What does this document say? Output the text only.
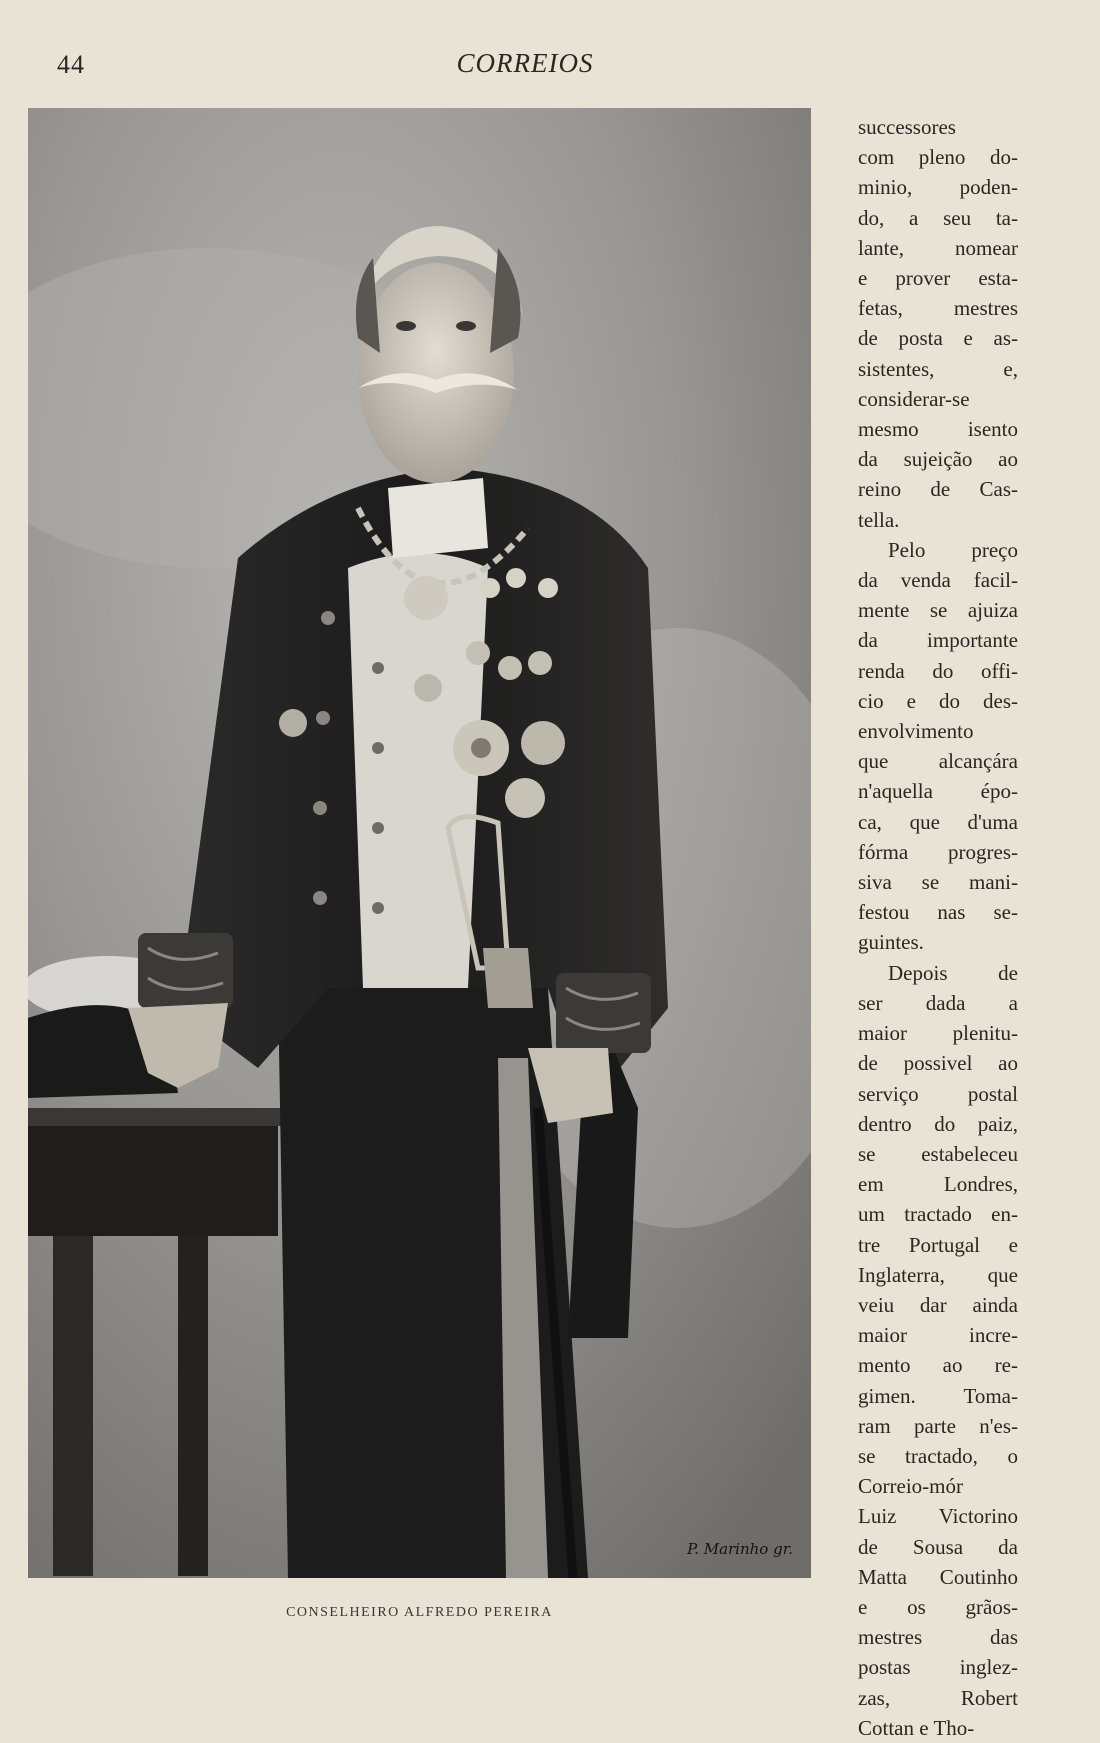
44	CORREIOS
P. Marinho gr.
CONSELHEIRO ALFREDO PEREIRA

successores
com pleno do-
minio, poden-
do, a seu ta-
lante, nomear
e prover esta-
fetas, mestres
de posta e as-
sistentes, e,
considerar-se
mesmo isento
da sujeição ao
reino de Cas-
tella.

Pelo preço
da venda facil-
mente se ajuiza
da importante
renda do offi-
cio e do des-
envolvimento
que alcançára
n'aquella épo-
ca, que d'uma
fórma progres-
siva se mani-
festou nas se-
guintes.

Depois de
ser dada a
maior plenitu-
de possivel ao
serviço postal
dentro do paiz,
se estabeleceu
em Londres,
um tractado en-
tre Portugal e
Inglaterra, que
veiu dar ainda
maior incre-
mento ao re-
gimen. Toma-
ram parte n'es-
se tractado, o
Correio-mór
Luiz Victorino
de Sousa da
Matta Coutinho
e os grãos-
mestres das
postas inglez-
zas, Robert
Cottan e Tho-
